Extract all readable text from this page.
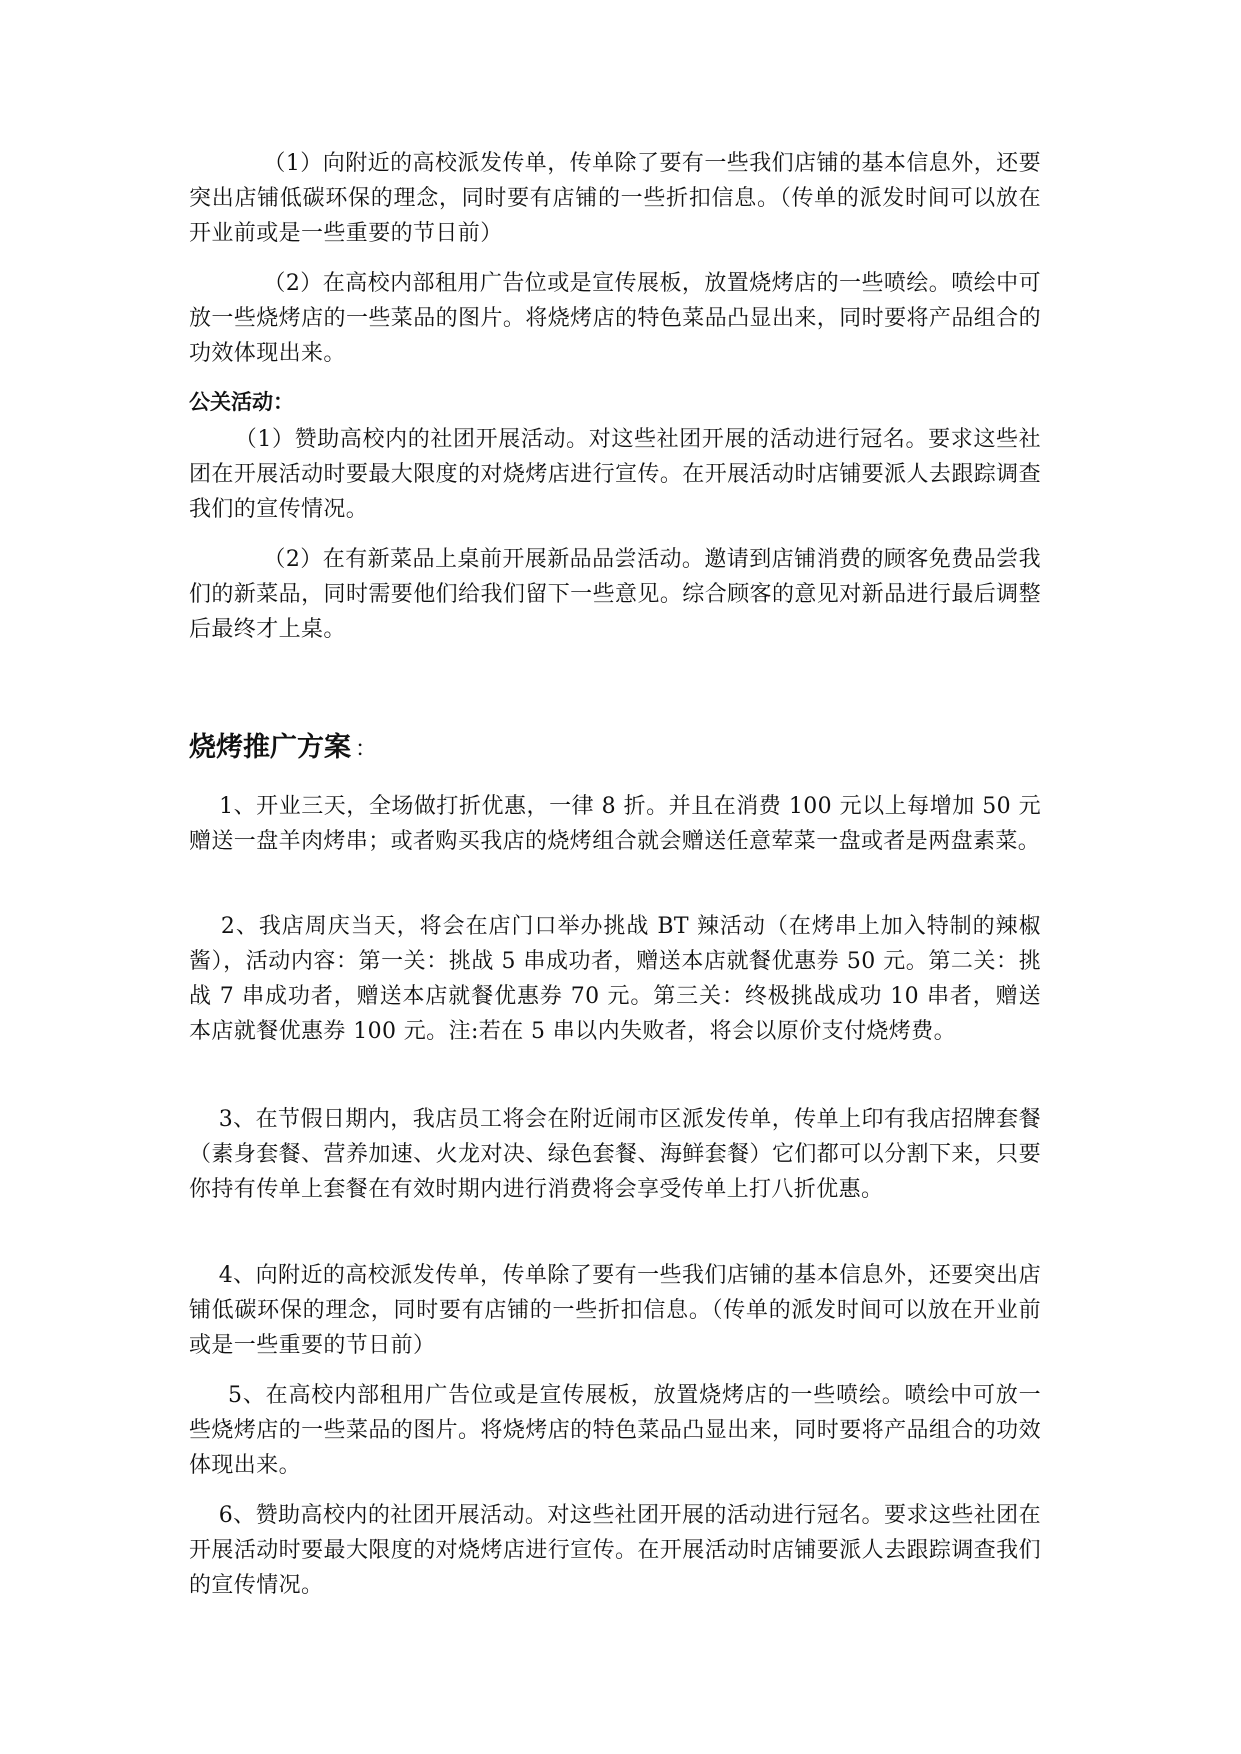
（1）向附近的高校派发传单，传单除了要有一些我们店铺的基本信息外，还要突出店铺低碳环保的理念，同时要有店铺的一些折扣信息。（传单的派发时间可以放在开业前或是一些重要的节日前）

（2）在高校内部租用广告位或是宣传展板，放置烧烤店的一些喷绘。喷绘中可放一些烧烤店的一些菜品的图片。将烧烤店的特色菜品凸显出来，同时要将产品组合的功效体现出来。

公关活动：

（1）赞助高校内的社团开展活动。对这些社团开展的活动进行冠名。要求这些社团在开展活动时要最大限度的对烧烤店进行宣传。在开展活动时店铺要派人去跟踪调查我们的宣传情况。

（2）在有新菜品上桌前开展新品品尝活动。邀请到店铺消费的顾客免费品尝我们的新菜品，同时需要他们给我们留下一些意见。综合顾客的意见对新品进行最后调整后最终才上桌。

烧烤推广方案 ：

1、开业三天，全场做打折优惠，一律 8 折。并且在消费 100 元以上每增加 50 元赠送一盘羊肉烤串；或者购买我店的烧烤组合就会赠送任意荤菜一盘或者是两盘素菜。

2、我店周庆当天，将会在店门口举办挑战 BT 辣活动（在烤串上加入特制的辣椒酱），活动内容：第一关：挑战 5 串成功者，赠送本店就餐优惠券 50 元。第二关：挑战 7 串成功者，赠送本店就餐优惠券 70 元。第三关：终极挑战成功 10 串者，赠送本店就餐优惠券 100 元。注:若在 5 串以内失败者，将会以原价支付烧烤费。

3、在节假日期内，我店员工将会在附近闹市区派发传单，传单上印有我店招牌套餐（素身套餐、营养加速、火龙对决、绿色套餐、海鲜套餐）它们都可以分割下来，只要你持有传单上套餐在有效时期内进行消费将会享受传单上打八折优惠。

4、向附近的高校派发传单，传单除了要有一些我们店铺的基本信息外，还要突出店铺低碳环保的理念，同时要有店铺的一些折扣信息。（传单的派发时间可以放在开业前或是一些重要的节日前）

5、在高校内部租用广告位或是宣传展板，放置烧烤店的一些喷绘。喷绘中可放一些烧烤店的一些菜品的图片。将烧烤店的特色菜品凸显出来，同时要将产品组合的功效体现出来。

6、赞助高校内的社团开展活动。对这些社团开展的活动进行冠名。要求这些社团在开展活动时要最大限度的对烧烤店进行宣传。在开展活动时店铺要派人去跟踪调查我们的宣传情况。
